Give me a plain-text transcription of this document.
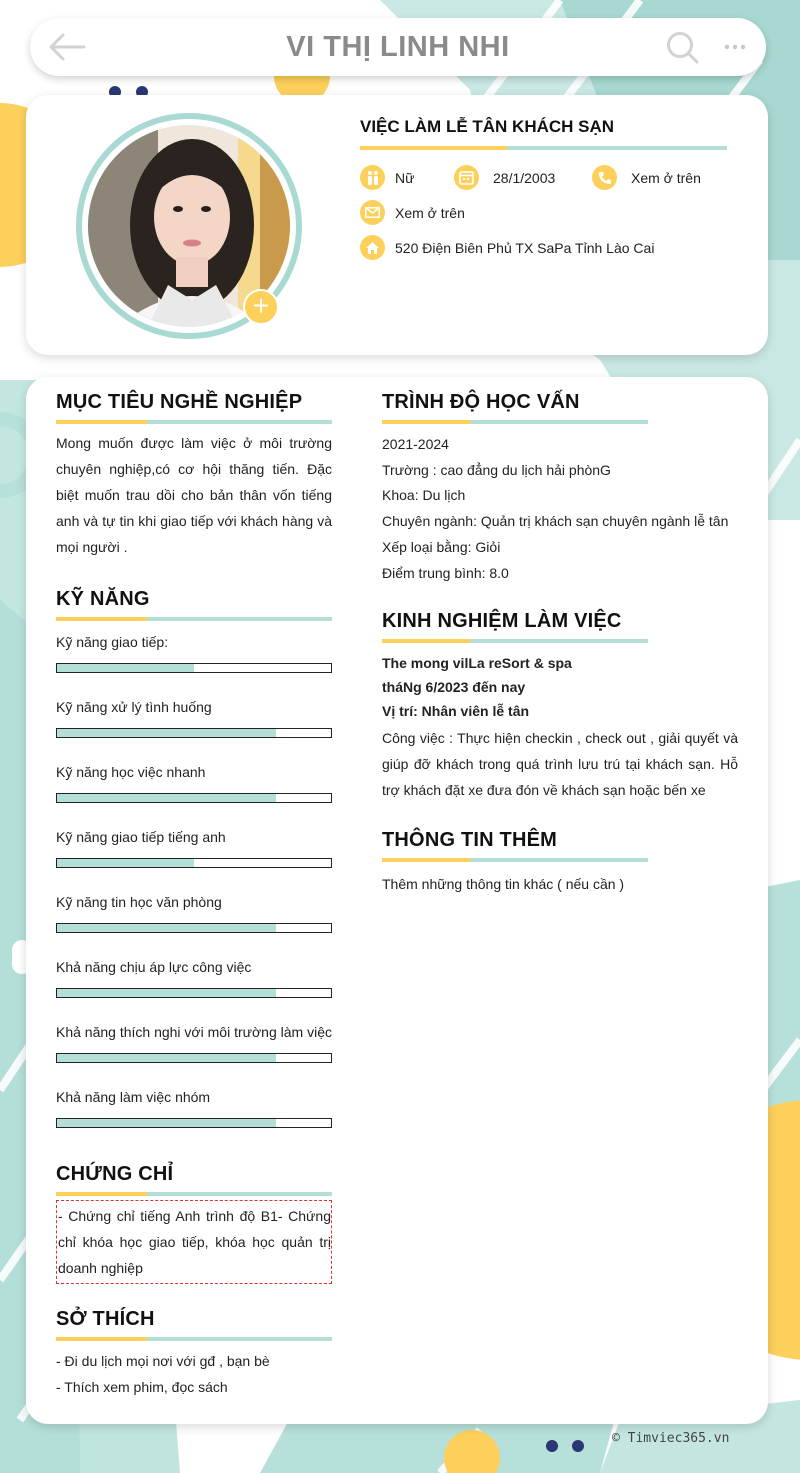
VI THỊ LINH NHI
+
VIỆC LÀM LỄ TÂN KHÁCH SẠN
Nữ	28/1/2003	Xem ở trên
Xem ở trên
520 Điện Biên Phủ TX SaPa Tỉnh Lào Cai
MỤC TIÊU NGHỀ NGHIỆP
Mong muốn được làm việc ở môi trường chuyên nghiệp,có cơ hội thăng tiến. Đặc biệt muốn trau dồi cho bản thân vốn tiếng anh và tự tin khi giao tiếp với khách hàng và mọi người .
KỸ NĂNG
Kỹ năng giao tiếp:
Kỹ năng xử lý tình huống
Kỹ năng học việc nhanh
Kỹ năng giao tiếp tiếng anh
Kỹ năng tin học văn phòng
Khả năng chịu áp lực công việc
Khả năng thích nghi với môi trường làm việc
Khả năng làm việc nhóm
CHỨNG CHỈ
- Chứng chỉ tiếng Anh trình độ B1- Chứng chỉ khóa học giao tiếp, khóa học quản trị doanh nghiệp
SỞ THÍCH
- Đi du lịch mọi nơi với gđ , bạn bè
- Thích xem phim, đọc sách
TRÌNH ĐỘ HỌC VẤN
2021-2024
Trường : cao đẳng du lịch hải phònG
Khoa: Du lịch
Chuyên ngành: Quản trị khách sạn chuyên ngành lễ tân
Xếp loại bằng: Giỏi
Điểm trung bình: 8.0
KINH NGHIỆM LÀM VIỆC
The mong vilLa reSort & spa
tháNg 6/2023 đến nay
Vị trí: Nhân viên lễ tân
Công việc : Thực hiện checkin , check out , giải quyết và giúp đỡ khách trong quá trình lưu trú tại khách sạn. Hỗ trợ khách đặt xe đưa đón về khách sạn hoặc bến xe
THÔNG TIN THÊM
Thêm những thông tin khác ( nếu cần )
© Timviec365.vn
